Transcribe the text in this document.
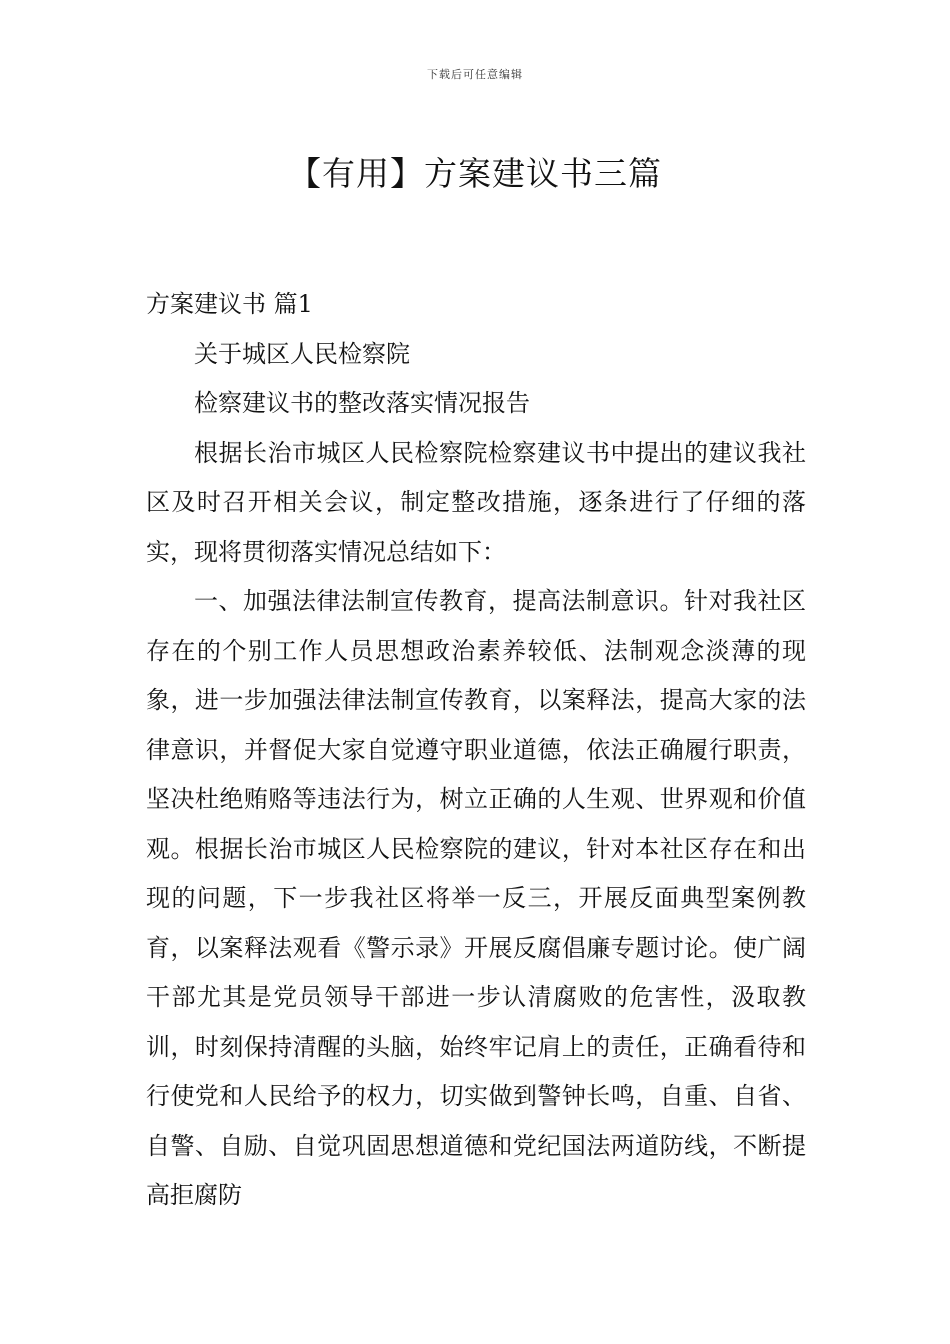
下载后可任意编辑
【有用】方案建议书三篇

方案建议书 篇1

关于城区人民检察院

检察建议书的整改落实情况报告

根据长治市城区人民检察院检察建议书中提出的建议我社区及时召开相关会议，制定整改措施，逐条进行了仔细的落实，现将贯彻落实情况总结如下：

一、加强法律法制宣传教育，提高法制意识。针对我社区存在的个别工作人员思想政治素养较低、法制观念淡薄的现象，进一步加强法律法制宣传教育，以案释法，提高大家的法律意识，并督促大家自觉遵守职业道德，依法正确履行职责，坚决杜绝贿赂等违法行为，树立正确的人生观、世界观和价值观。根据长治市城区人民检察院的建议，针对本社区存在和出现的问题，下一步我社区将举一反三，开展反面典型案例教育，以案释法观看《警示录》开展反腐倡廉专题讨论。使广阔干部尤其是党员领导干部进一步认清腐败的危害性，汲取教训，时刻保持清醒的头脑，始终牢记肩上的责任，正确看待和行使党和人民给予的权力，切实做到警钟长鸣，自重、自省、自警、自励、自觉巩固思想道德和党纪国法两道防线，不断提高拒腐防
